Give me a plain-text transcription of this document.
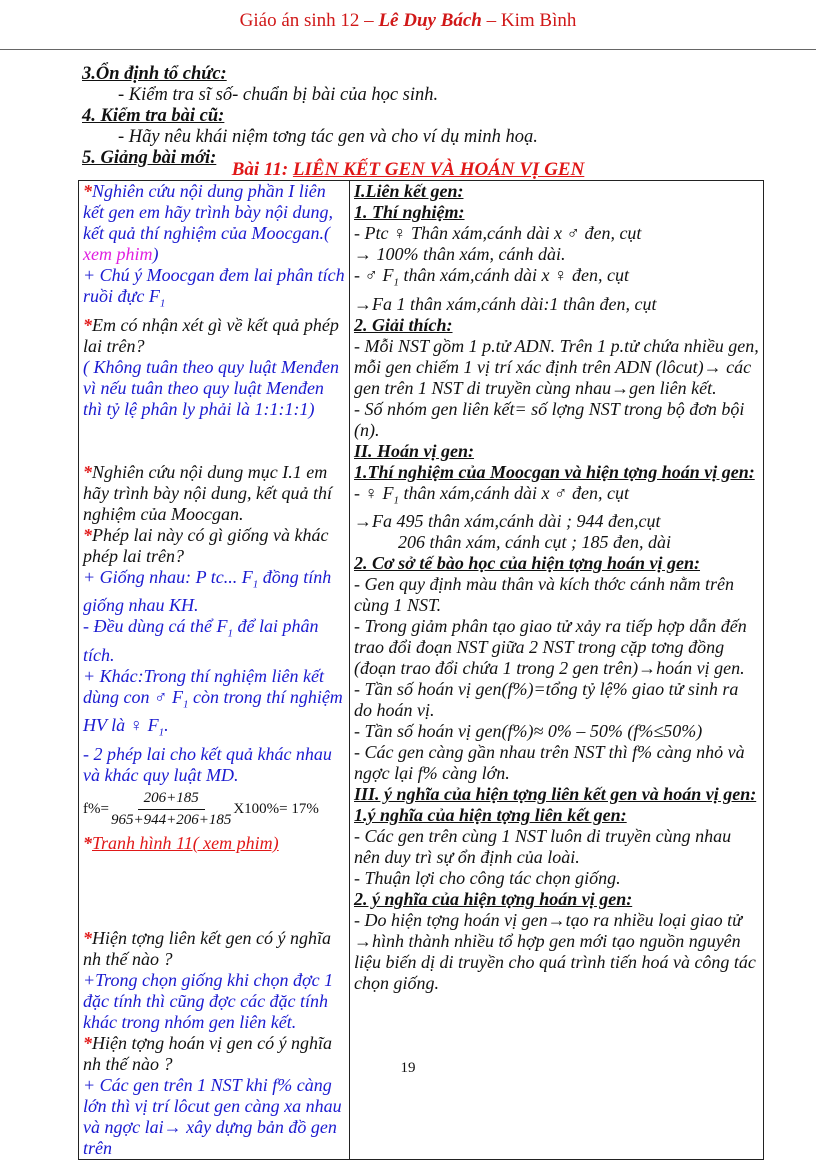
Giáo án sinh 12 – Lê Duy Bách – Kim Bình
3.Ổn định tổ chức:
- Kiểm tra sĩ số- chuẩn bị bài của học sinh.
4. Kiểm tra bài cũ:
- Hãy nêu khái niệm tơng tác gen và cho ví dụ minh hoạ.
5. Giảng bài mới:
Bài 11: LIÊN KẾT GEN VÀ HOÁN VỊ GEN
*Nghiên cứu nội dung phần I liên kết gen em hãy trình bày nội dung, kết quả thí nghiệm của Moocgan.( xem phim)
+ Chú ý Moocgan đem lai phân tích ruồi đực $F_1$
*Em có nhận xét gì về kết quả phép lai trên?
( Không tuân theo quy luật Menđen vì nếu tuân theo quy luật Menđen thì tỷ lệ phân ly phải là 1:1:1:1)
*Nghiên cứu nội dung mục I.1 em hãy trình bày nội dung, kết quả thí nghiệm của Moocgan.
*Phép lai này có gì giống và khác phép lai trên?
+ Giống nhau: P tc... $F_1$ đồng tính giống nhau KH.
- Đều dùng cá thể $F_1$ để lai phân tích.
+ Khác:Trong thí nghiệm liên kết dùng con ♂ $F_1$ còn trong thí nghiệm HV là ♀ $F_1$.
- 2 phép lai cho kết quả khác nhau và khác quy luật MD.
$f\%= \frac{206+185}{965+944+206+185} X100\%= 17\%$
*Tranh hình 11( xem phim)
*Hiện tợng liên kết gen có ý nghĩa nh thế nào ?
+Trong chọn giống khi chọn đợc 1 đặc tính thì cũng đợc các đặc tính khác trong nhóm gen liên kết.
*Hiện tợng hoán vị gen có ý nghĩa nh thế nào ?
+ Các gen trên 1 NST khi f% càng lớn thì vị trí lôcut gen càng xa nhau và ngợc lai→ xây dựng bản đồ gen trên

I.Liên kết gen:
1. Thí nghiệm:
- Ptc ♀ Thân xám,cánh dài x ♂ đen, cụt
→ 100% thân xám, cánh dài.
- ♂ $F_1$ thân xám,cánh dài x ♀ đen, cụt
→Fa 1 thân xám,cánh dài:1 thân đen, cụt
2. Giải thích:
- Mỗi NST gồm 1 p.tử ADN. Trên 1 p.tử chứa nhiều gen, mỗi gen chiếm 1 vị trí xác định trên ADN (lôcut)→ các gen trên 1 NST di truyền cùng nhau→gen liên kết.
- Số nhóm gen liên kết= số lợng NST trong bộ đơn bội (n).
II. Hoán vị gen:
1.Thí nghiệm của Moocgan và hiện tợng hoán vị gen:
- ♀ $F_1$ thân xám,cánh dài x ♂ đen, cụt
→Fa 495 thân xám,cánh dài ; 944 đen,cụt
206 thân xám, cánh cụt ; 185 đen, dài
2. Cơ sở tế bào học của hiện tợng hoán vị gen:
- Gen quy định màu thân và kích thớc cánh nằm trên cùng 1 NST.
- Trong giảm phân tạo giao tử xảy ra tiếp hợp dẫn đến trao đổi đoạn NST giữa 2 NST trong cặp tơng đồng (đoạn trao đổi chứa 1 trong 2 gen trên)→hoán vị gen.
- Tần số hoán vị gen(f%)=tổng tỷ lệ% giao tử sinh ra do hoán vị.
- Tần số hoán vị gen(f%)≈ 0% – 50% (f%≤50%)
- Các gen càng gần nhau trên NST thì f% càng nhỏ và ngợc lại f% càng lớn.
III. ý nghĩa của hiện tợng liên kết gen và hoán vị gen:
1.ý nghĩa của hiện tợng liên kết gen:
- Các gen trên cùng 1 NST luôn di truyền cùng nhau nên duy trì sự ổn định của loài.
- Thuận lợi cho công tác chọn giống.
2. ý nghĩa của hiện tợng hoán vị gen:
- Do hiện tợng hoán vị gen→tạo ra nhiều loại giao tử →hình thành nhiều tổ hợp gen mới tạo nguồn nguyên liệu biến dị di truyền cho quá trình tiến hoá và công tác chọn giống.
19
